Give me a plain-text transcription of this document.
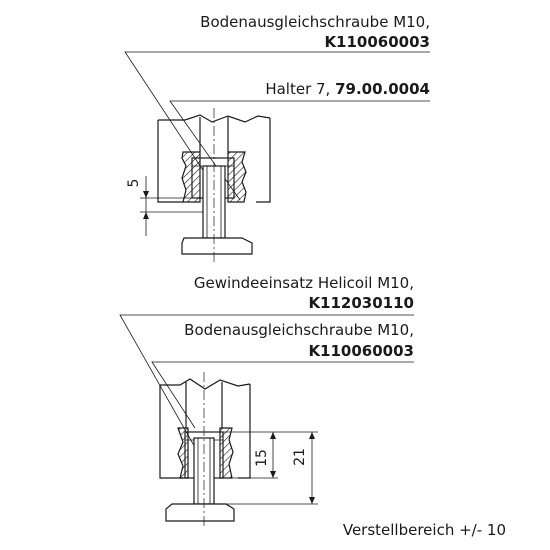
Bodenausgleichschraube M10,
K110060003
Halter 7, 79.00.0004
5
Gewindeeinsatz Helicoil M10,
K112030110
Bodenausgleichschraube M10,
K110060003
15 21
Verstellbereich +/- 10
